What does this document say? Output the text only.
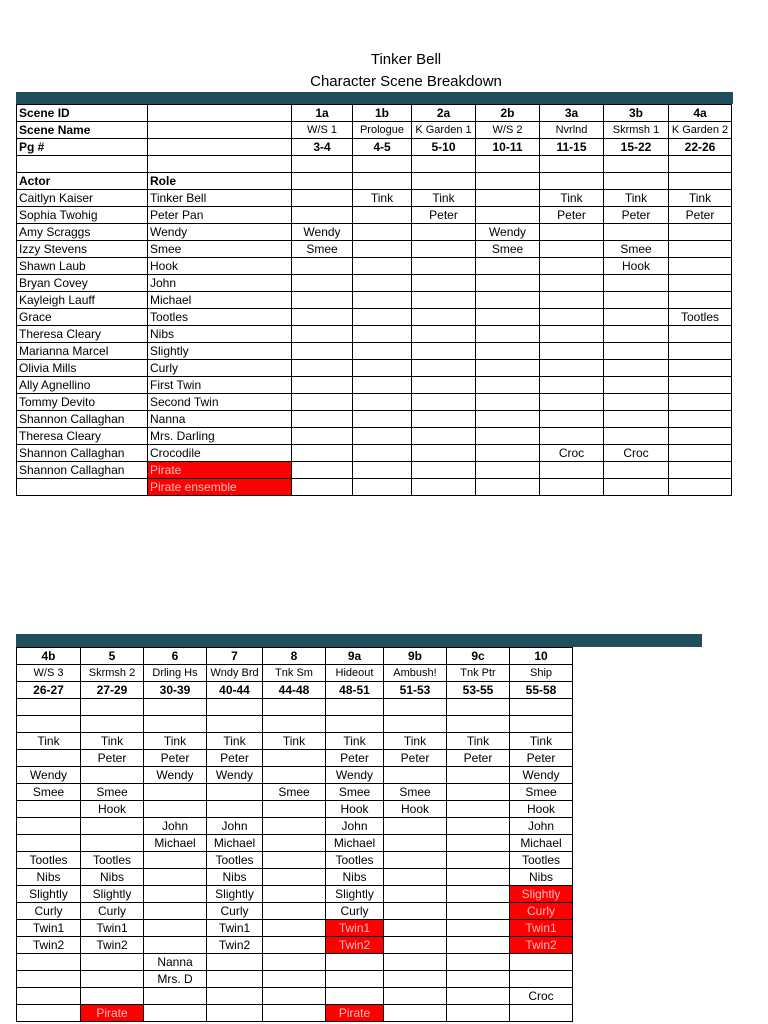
Tinker Bell
Character Scene Breakdown
Scene ID		1a	1b	2a	2b	3a	3b	4a
Scene Name		W/S 1	Prologue	K Garden 1	W/S 2	Nvrlnd	Skrmsh 1	K Garden 2
Pg #		3-4	4-5	5-10	10-11	11-15	15-22	22-26

Actor	Role							
Caitlyn Kaiser	Tinker Bell		Tink	Tink		Tink	Tink	Tink
Sophia Twohig	Peter Pan			Peter		Peter	Peter	Peter
Amy Scraggs	Wendy	Wendy			Wendy			
Izzy Stevens	Smee	Smee			Smee		Smee	
Shawn Laub	Hook						Hook	
Bryan Covey	John							
Kayleigh Lauff	Michael							
Grace	Tootles							Tootles
Theresa Cleary	Nibs							
Marianna Marcel	Slightly							
Olivia Mills	Curly							
Ally Agnellino	First Twin							
Tommy Devito	Second Twin							
Shannon Callaghan	Nanna							
Theresa Cleary	Mrs. Darling							
Shannon Callaghan	Crocodile					Croc	Croc	
Shannon Callaghan	Pirate							
	Pirate ensemble							
4b	5	6	7	8	9a	9b	9c	10
W/S 3	Skrmsh 2	Drling Hs	Wndy Brd	Tnk Sm	Hideout	Ambush!	Tnk Ptr	Ship
26-27	27-29	30-39	40-44	44-48	48-51	51-53	53-55	55-58

Tink	Tink	Tink	Tink	Tink	Tink	Tink	Tink	Tink
	Peter	Peter	Peter		Peter	Peter	Peter	Peter
Wendy		Wendy	Wendy		Wendy			Wendy
Smee	Smee			Smee	Smee	Smee		Smee
	Hook				Hook	Hook		Hook
		John	John		John			John
		Michael	Michael		Michael			Michael
Tootles	Tootles		Tootles		Tootles			Tootles
Nibs	Nibs		Nibs		Nibs			Nibs
Slightly	Slightly		Slightly		Slightly			Slightly
Curly	Curly		Curly		Curly			Curly
Twin1	Twin1		Twin1		Twin1			Twin1
Twin2	Twin2		Twin2		Twin2			Twin2
		Nanna						
		Mrs. D						
								Croc
	Pirate				Pirate			
